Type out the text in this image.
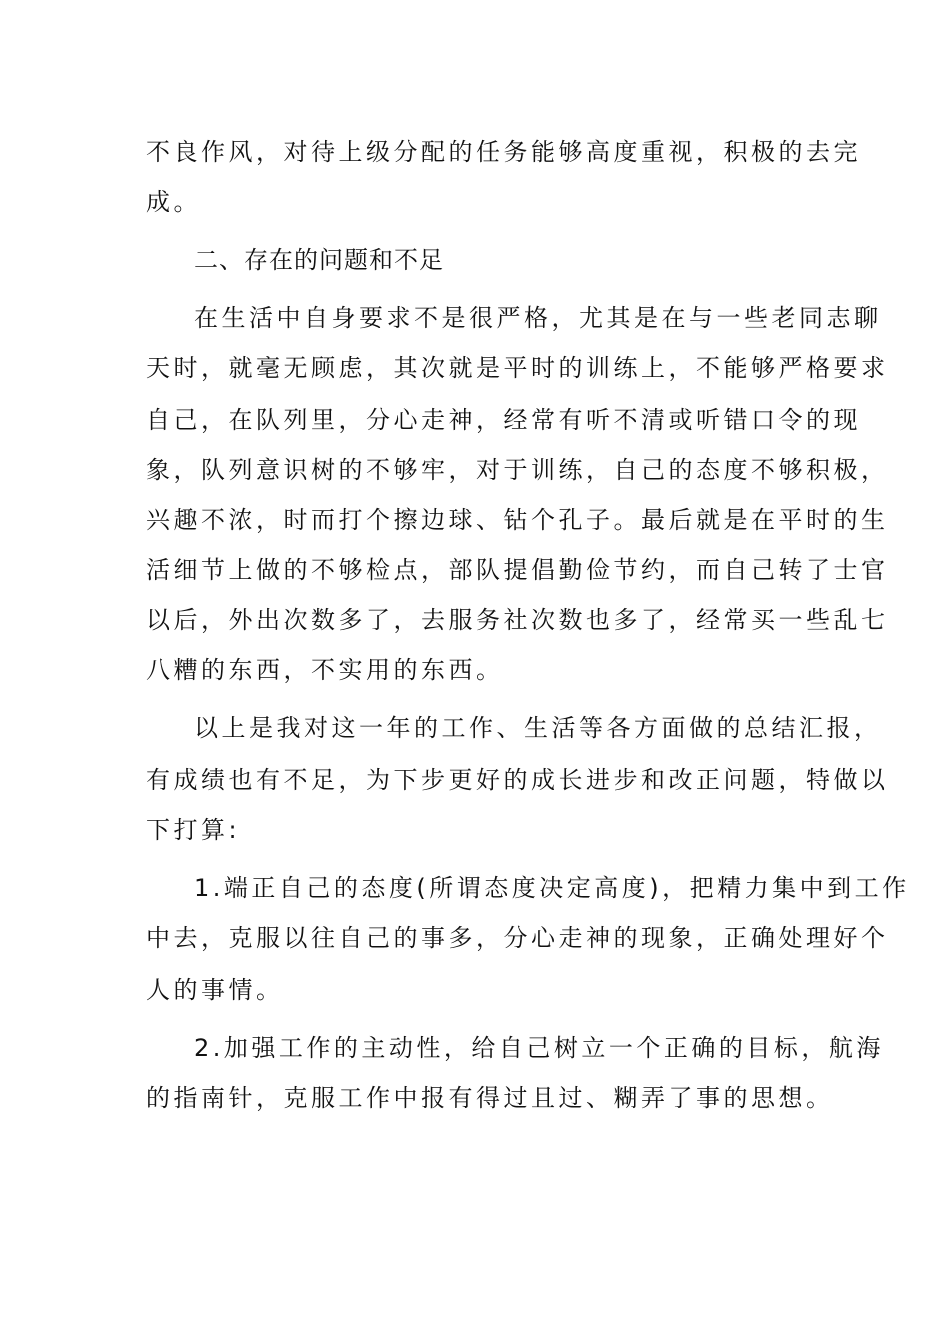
不良作风，对待上级分配的任务能够高度重视，积极的去完
成。
二、存在的问题和不足
在生活中自身要求不是很严格，尤其是在与一些老同志聊
天时，就毫无顾虑，其次就是平时的训练上，不能够严格要求
自己，在队列里，分心走神，经常有听不清或听错口令的现
象，队列意识树的不够牢，对于训练，自己的态度不够积极，
兴趣不浓，时而打个擦边球、钻个孔子。最后就是在平时的生
活细节上做的不够检点，部队提倡勤俭节约，而自己转了士官
以后，外出次数多了，去服务社次数也多了，经常买一些乱七
八糟的东西，不实用的东西。
以上是我对这一年的工作、生活等各方面做的总结汇报，
有成绩也有不足，为下步更好的成长进步和改正问题，特做以
下打算:
1.端正自己的态度(所谓态度决定高度)，把精力集中到工作
中去，克服以往自己的事多，分心走神的现象，正确处理好个
人的事情。
2.加强工作的主动性，给自己树立一个正确的目标，航海
的指南针，克服工作中报有得过且过、糊弄了事的思想。
